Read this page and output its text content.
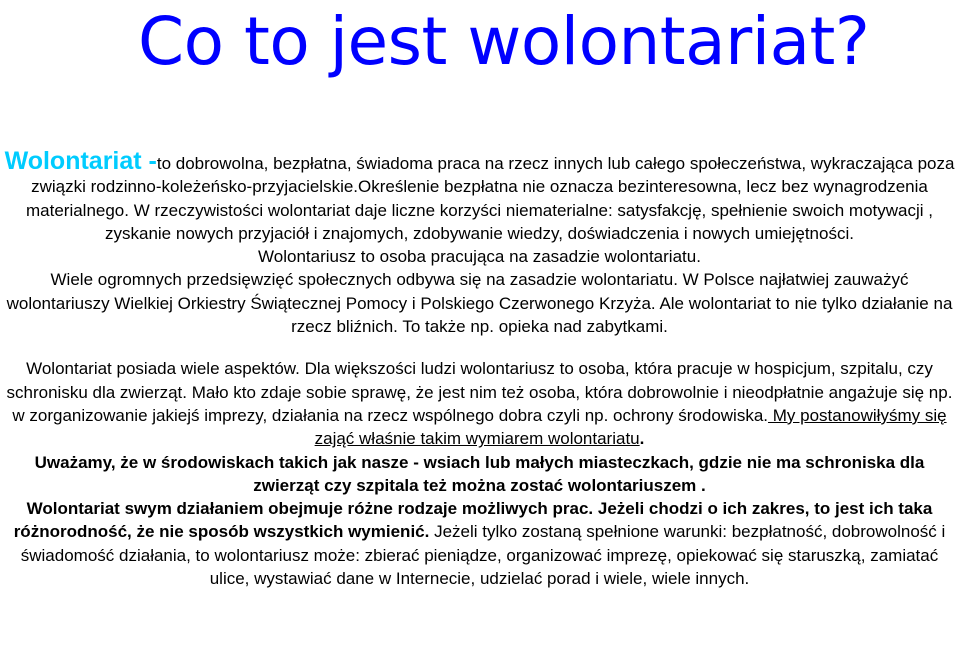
Co to jest wolontariat?

Wolontariat -to dobrowolna, bezpłatna, świadoma praca na rzecz innych lub całego społeczeństwa, wykraczająca poza związki rodzinno-koleżeńsko-przyjacielskie.Określenie bezpłatna nie oznacza bezinteresowna, lecz bez wynagrodzenia materialnego. W rzeczywistości wolontariat daje liczne korzyści niematerialne: satysfakcję, spełnienie swoich motywacji , zyskanie nowych przyjaciół i znajomych, zdobywanie wiedzy, doświadczenia i nowych umiejętności.

Wolontariusz to osoba pracująca na zasadzie wolontariatu.

Wiele ogromnych przedsięwzięć społecznych odbywa się na zasadzie wolontariatu. W Polsce najłatwiej zauważyć wolontariuszy Wielkiej Orkiestry Świątecznej Pomocy i Polskiego Czerwonego Krzyża. Ale wolontariat to nie tylko działanie na rzecz bliźnich. To także np. opieka nad zabytkami.

Wolontariat posiada wiele aspektów. Dla większości ludzi wolontariusz to osoba, która pracuje w hospicjum, szpitalu, czy schronisku dla zwierząt. Mało kto zdaje sobie sprawę, że jest nim też osoba, która dobrowolnie i nieodpłatnie angażuje się np. w zorganizowanie jakiejś imprezy, działania na rzecz wspólnego dobra czyli np. ochrony środowiska. My postanowiłyśmy się zająć właśnie takim wymiarem wolontariatu.

Uważamy, że w środowiskach takich jak nasze - wsiach lub małych miasteczkach, gdzie nie ma schroniska dla zwierząt czy szpitala też można zostać wolontariuszem .

Wolontariat swym działaniem obejmuje różne rodzaje możliwych prac. Jeżeli chodzi o ich zakres, to jest ich taka różnorodność, że nie sposób wszystkich wymienić. Jeżeli tylko zostaną spełnione warunki: bezpłatność, dobrowolność i świadomość działania, to wolontariusz może: zbierać pieniądze, organizować imprezę, opiekować się staruszką, zamiatać ulice, wystawiać dane w Internecie, udzielać porad i wiele, wiele innych.
